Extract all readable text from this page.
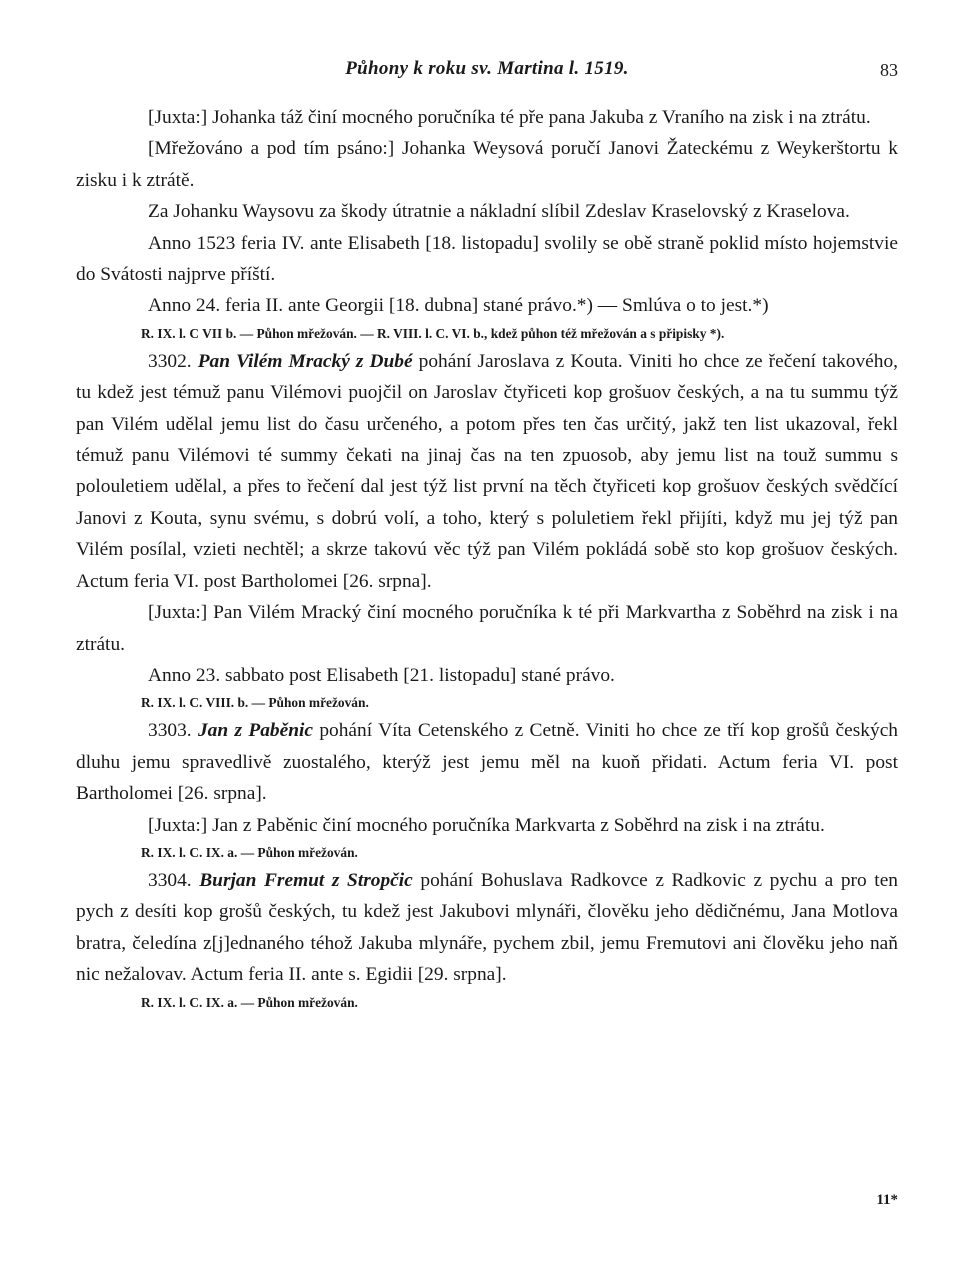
Půhony k roku sv. Martina l. 1519.	83

[Juxta:] Johanka táž činí mocného poručníka té pře pana Jakuba z Vraního na zisk i na ztrátu.

[Mřežováno a pod tím psáno:] Johanka Weysová poručí Janovi Žateckému z Weykerštortu k zisku i k ztrátě.

Za Johanku Waysovu za škody útratnie a nákladní slíbil Zdeslav Kraselovský z Kraselova.

Anno 1523 feria IV. ante Elisabeth [18. listopadu] svolily se obě straně poklid místo hojemstvie do Svátosti najprve příští.

Anno 24. feria II. ante Georgii [18. dubna] stané právo.*) — Smlúva o to jest.*)

R. IX. l. C VII b. — Půhon mřežován. — R. VIII. l. C. VI. b., kdež půhon též mřežován a s připisky *).

3302. Pan Vilém Mracký z Dubé pohání Jaroslava z Kouta. Viniti ho chce ze řečení takového, tu kdež jest témuž panu Vilémovi puojčil on Jaroslav čtyřiceti kop grošuov českých, a na tu summu týž pan Vilém udělal jemu list do času určeného, a potom přes ten čas určitý, jakž ten list ukazoval, řekl témuž panu Vilémovi té summy čekati na jinaj čas na ten zpuosob, aby jemu list na touž summu s polouletiem udělal, a přes to řečení dal jest týž list první na těch čtyřiceti kop grošuov českých svědčící Janovi z Kouta, synu svému, s dobrú volí, a toho, který s poluletiem řekl přijíti, když mu jej týž pan Vilém posílal, vzieti nechtěl; a skrze takovú věc týž pan Vilém pokládá sobě sto kop grošuov českých. Actum feria VI. post Bartholomei [26. srpna].

[Juxta:] Pan Vilém Mracký činí mocného poručníka k té při Markvartha z Soběhrd na zisk i na ztrátu.

Anno 23. sabbato post Elisabeth [21. listopadu] stané právo.

R. IX. l. C. VIII. b. — Půhon mřežován.

3303. Jan z Paběnic pohání Víta Cetenského z Cetně. Viniti ho chce ze tří kop grošů českých dluhu jemu spravedlivě zuostalého, kterýž jest jemu měl na kuoň přidati. Actum feria VI. post Bartholomei [26. srpna].

[Juxta:] Jan z Paběnic činí mocného poručníka Markvarta z Soběhrd na zisk i na ztrátu.

R. IX. l. C. IX. a. — Půhon mřežován.

3304. Burjan Fremut z Stropčic pohání Bohuslava Radkovce z Radkovic z pychu a pro ten pych z desíti kop grošů českých, tu kdež jest Jakubovi mlynáři, člověku jeho dědičnému, Jana Motlova bratra, čeledína z[j]ednaného téhož Jakuba mlynáře, pychem zbil, jemu Fremutovi ani člověku jeho naň nic nežalovav. Actum feria II. ante s. Egidii [29. srpna].

R. IX. l. C. IX. a. — Půhon mřežován.

11*
